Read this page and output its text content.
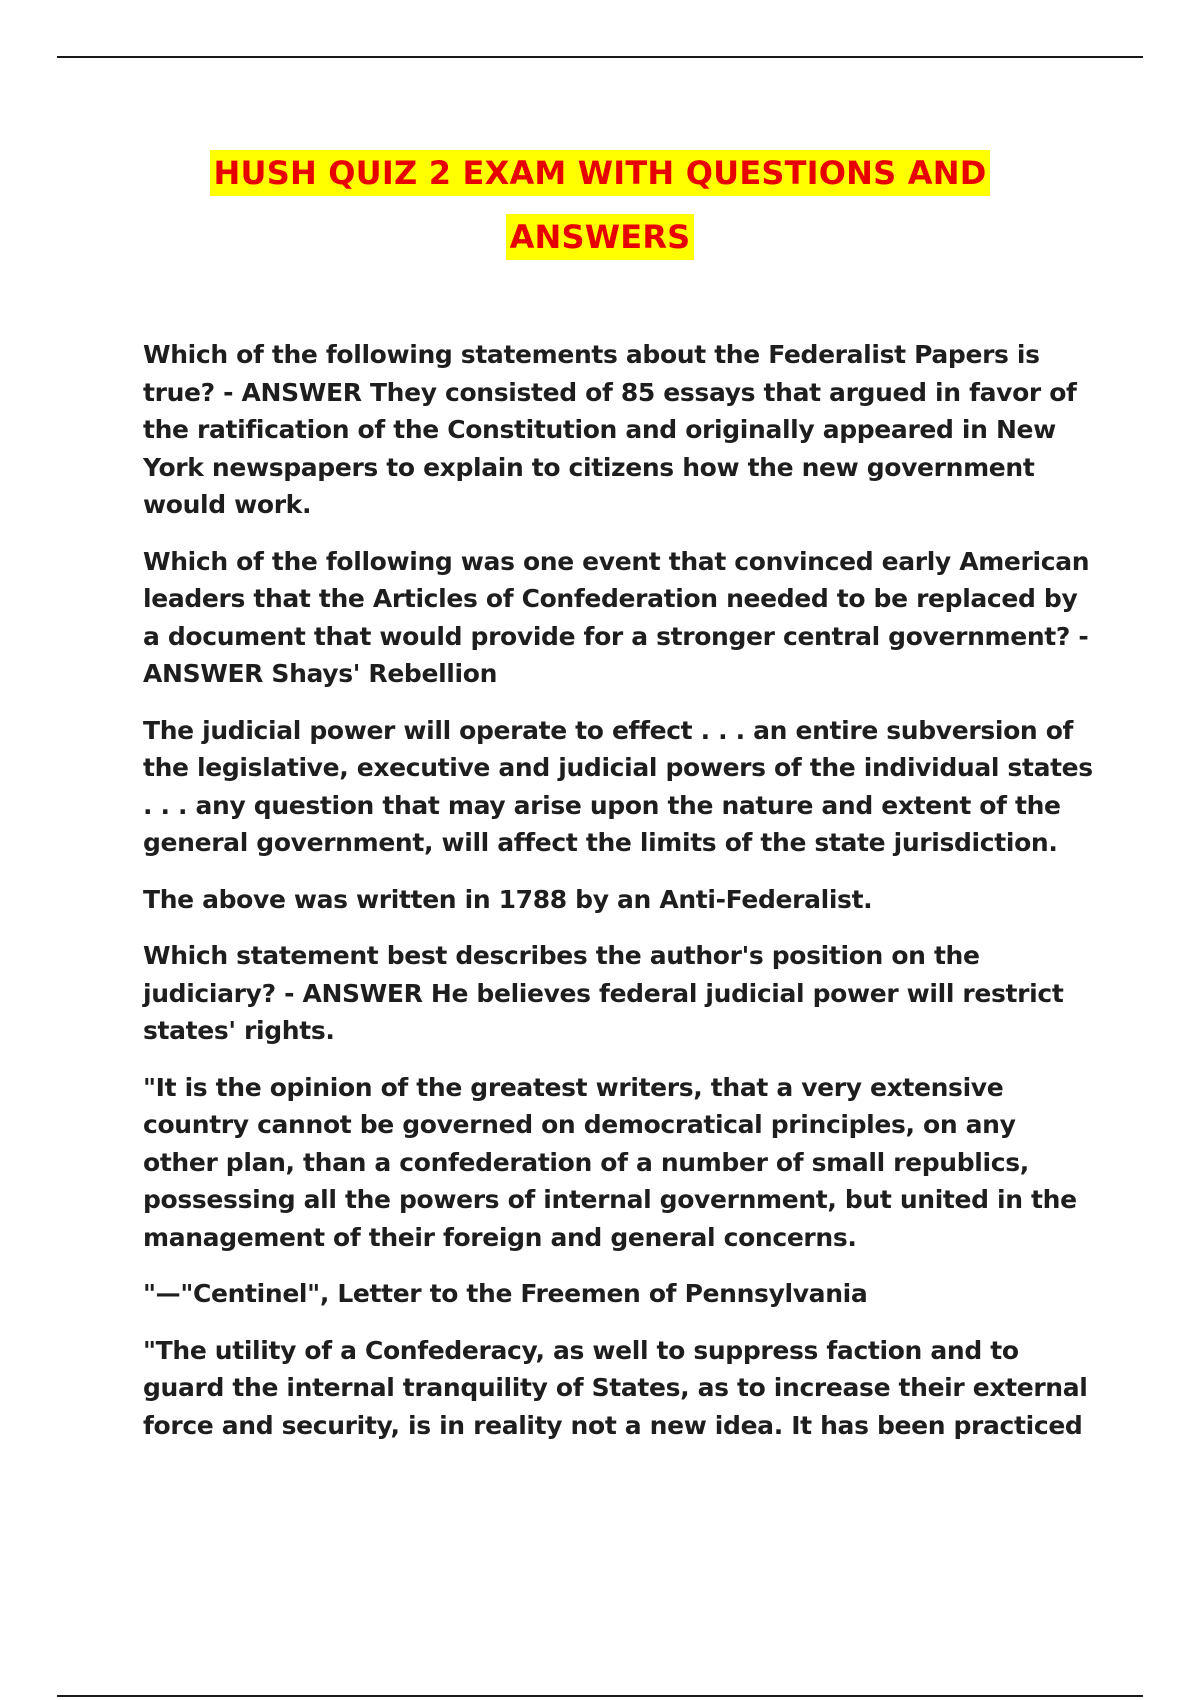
HUSH QUIZ 2 EXAM WITH QUESTIONS AND ANSWERS

Which of the following statements about the Federalist Papers is true? - ANSWER They consisted of 85 essays that argued in favor of the ratification of the Constitution and originally appeared in New York newspapers to explain to citizens how the new government would work.

Which of the following was one event that convinced early American leaders that the Articles of Confederation needed to be replaced by a document that would provide for a stronger central government? - ANSWER Shays' Rebellion

The judicial power will operate to effect . . . an entire subversion of the legislative, executive and judicial powers of the individual states . . . any question that may arise upon the nature and extent of the general government, will affect the limits of the state jurisdiction.

The above was written in 1788 by an Anti-Federalist.

Which statement best describes the author's position on the judiciary? - ANSWER He believes federal judicial power will restrict states' rights.

"It is the opinion of the greatest writers, that a very extensive country cannot be governed on democratical principles, on any other plan, than a confederation of a number of small republics, possessing all the powers of internal government, but united in the management of their foreign and general concerns.

"—"Centinel", Letter to the Freemen of Pennsylvania

"The utility of a Confederacy, as well to suppress faction and to guard the internal tranquility of States, as to increase their external force and security, is in reality not a new idea. It has been practiced
